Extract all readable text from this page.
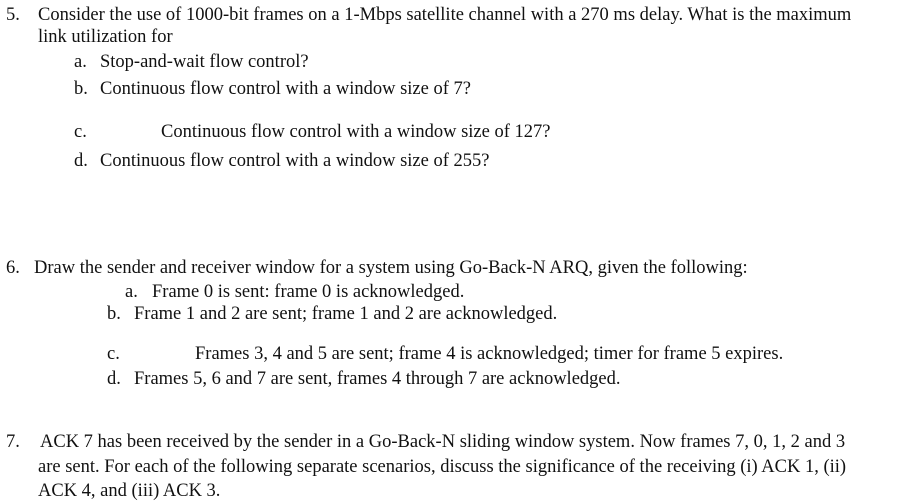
5. Consider the use of 1000-bit frames on a 1-Mbps satellite channel with a 270 ms delay. What is the maximum
link utilization for
a. Stop-and-wait flow control?
b. Continuous flow control with a window size of 7?
c.	Continuous flow control with a window size of 127?
d. Continuous flow control with a window size of 255?
6. Draw the sender and receiver window for a system using Go-Back-N ARQ, given the following:
a. Frame 0 is sent: frame 0 is acknowledged.
b. Frame 1 and 2 are sent; frame 1 and 2 are acknowledged.
c.	Frames 3, 4 and 5 are sent; frame 4 is acknowledged; timer for frame 5 expires.
d. Frames 5, 6 and 7 are sent, frames 4 through 7 are acknowledged.
7. ACK 7 has been received by the sender in a Go-Back-N sliding window system. Now frames 7, 0, 1, 2 and 3
are sent. For each of the following separate scenarios, discuss the significance of the receiving (i) ACK 1, (ii)
ACK 4, and (iii) ACK 3.
